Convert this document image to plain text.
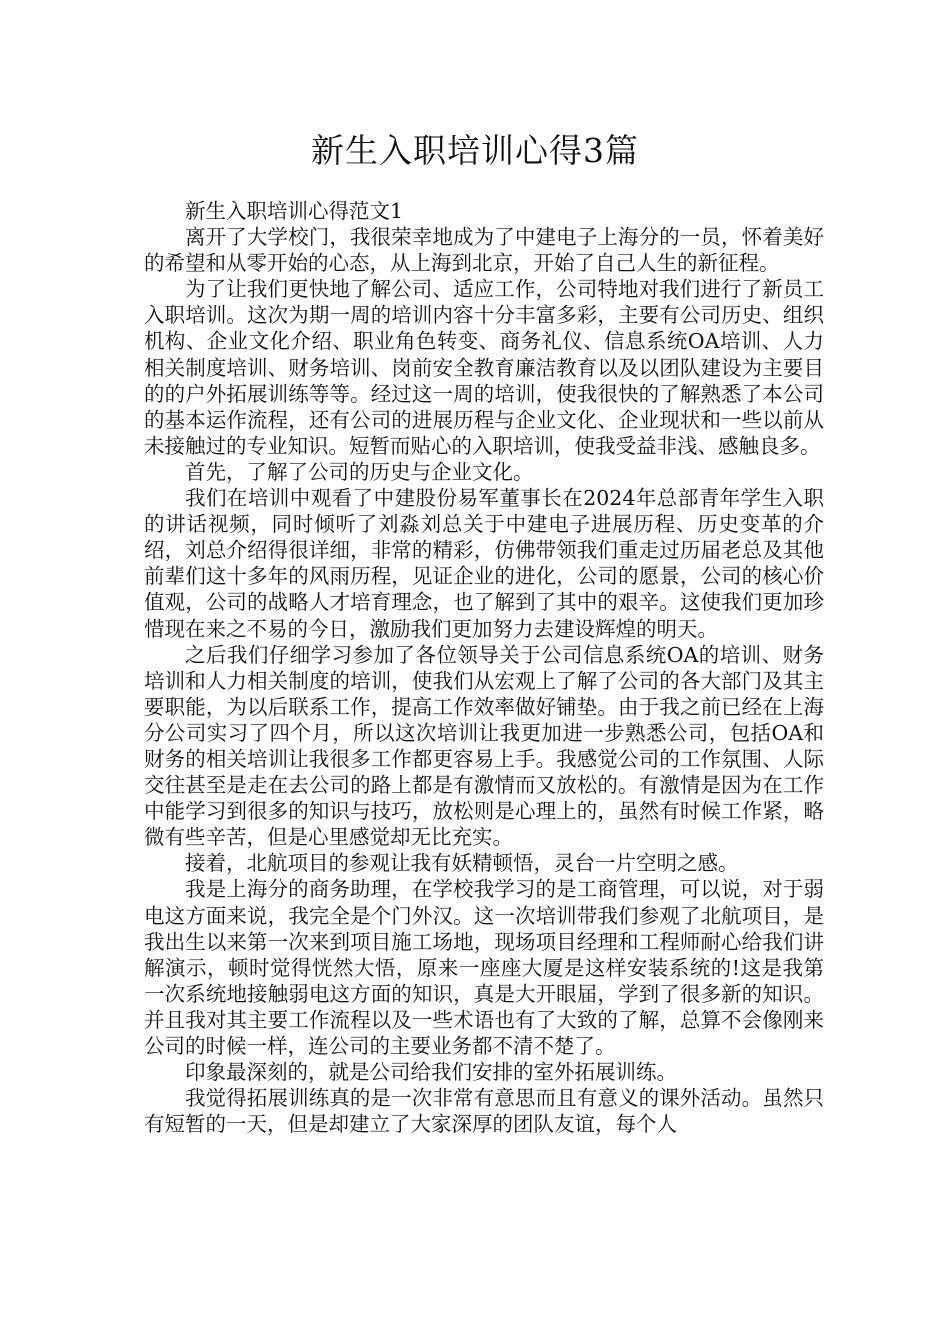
新生入职培训心得3篇

新生入职培训心得范文1

离开了大学校门，我很荣幸地成为了中建电子上海分的一员，怀着美好的希望和从零开始的心态，从上海到北京，开始了自己人生的新征程。

为了让我们更快地了解公司、适应工作，公司特地对我们进行了新员工入职培训。这次为期一周的培训内容十分丰富多彩，主要有公司历史、组织机构、企业文化介绍、职业角色转变、商务礼仪、信息系统OA培训、人力相关制度培训、财务培训、岗前安全教育廉洁教育以及以团队建设为主要目的的户外拓展训练等等。经过这一周的培训，使我很快的了解熟悉了本公司的基本运作流程，还有公司的进展历程与企业文化、企业现状和一些以前从未接触过的专业知识。短暂而贴心的入职培训，使我受益非浅、感触良多。

首先，了解了公司的历史与企业文化。

我们在培训中观看了中建股份易军董事长在2024年总部青年学生入职的讲话视频，同时倾听了刘淼刘总关于中建电子进展历程、历史变革的介绍，刘总介绍得很详细，非常的精彩，仿佛带领我们重走过历届老总及其他前辈们这十多年的风雨历程，见证企业的进化，公司的愿景，公司的核心价值观，公司的战略人才培育理念，也了解到了其中的艰辛。这使我们更加珍惜现在来之不易的今日，激励我们更加努力去建设辉煌的明天。

之后我们仔细学习参加了各位领导关于公司信息系统OA的培训、财务培训和人力相关制度的培训，使我们从宏观上了解了公司的各大部门及其主要职能，为以后联系工作，提高工作效率做好铺垫。由于我之前已经在上海分公司实习了四个月，所以这次培训让我更加进一步熟悉公司，包括OA和财务的相关培训让我很多工作都更容易上手。我感觉公司的工作氛围、人际交往甚至是走在去公司的路上都是有激情而又放松的。有激情是因为在工作中能学习到很多的知识与技巧，放松则是心理上的，虽然有时候工作紧，略微有些辛苦，但是心里感觉却无比充实。

接着，北航项目的参观让我有妖精顿悟，灵台一片空明之感。

我是上海分的商务助理，在学校我学习的是工商管理，可以说，对于弱电这方面来说，我完全是个门外汉。这一次培训带我们参观了北航项目，是我出生以来第一次来到项目施工场地，现场项目经理和工程师耐心给我们讲解演示，顿时觉得恍然大悟，原来一座座大厦是这样安装系统的!这是我第一次系统地接触弱电这方面的知识，真是大开眼届，学到了很多新的知识。并且我对其主要工作流程以及一些术语也有了大致的了解，总算不会像刚来公司的时候一样，连公司的主要业务都不清不楚了。

印象最深刻的，就是公司给我们安排的室外拓展训练。

我觉得拓展训练真的是一次非常有意思而且有意义的课外活动。虽然只有短暂的一天，但是却建立了大家深厚的团队友谊，每个人
